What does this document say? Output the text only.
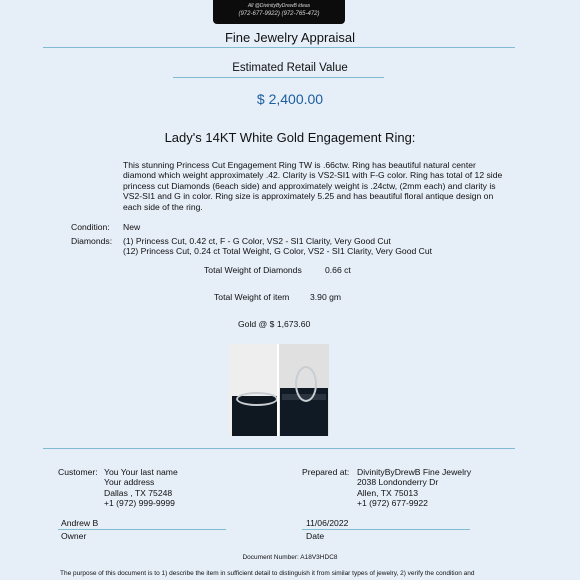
All @DivinityByDrewB ideas
(972-677-9922) (972-765-472)
Fine Jewelry Appraisal
Estimated Retail Value
$ 2,400.00
Lady's 14KT White Gold Engagement Ring:
This stunning Princess Cut Engagement Ring TW is .66ctw. Ring has beautiful natural center
diamond which weight approximately .42. Clarity is VS2-SI1 with F-G color. Ring has total of 12 side
princess cut Diamonds (6each side) and approximately weight is .24ctw, (2mm each) and clarity is
VS2-SI1 and G in color. Ring size is approximately 5.25 and has beautiful floral antique design on
each side of the ring.
Condition: New
Diamonds: (1) Princess Cut, 0.42 ct, F - G Color, VS2 - SI1 Clarity, Very Good Cut
(12) Princess Cut, 0.24 ct Total Weight, G Color, VS2 - SI1 Clarity, Very Good Cut
Total Weight of Diamonds	0.66 ct
Total Weight of item 3.90 gm
Gold @ $ 1,673.60
Customer: You Your last name
Your address
Dallas , TX 75248
+1 (972) 999-9999
Prepared at: DivinityByDrewB Fine Jewelry
2038 Londonderry Dr
Allen, TX 75013
+1 (972) 677-9922
Andrew B
Owner
11/06/2022
Date
Document Number: A18V3HDC8
The purpose of this document is to 1) describe the item in sufficient detail to distinguish it from similar types of jewelry, 2) verify the condition and
